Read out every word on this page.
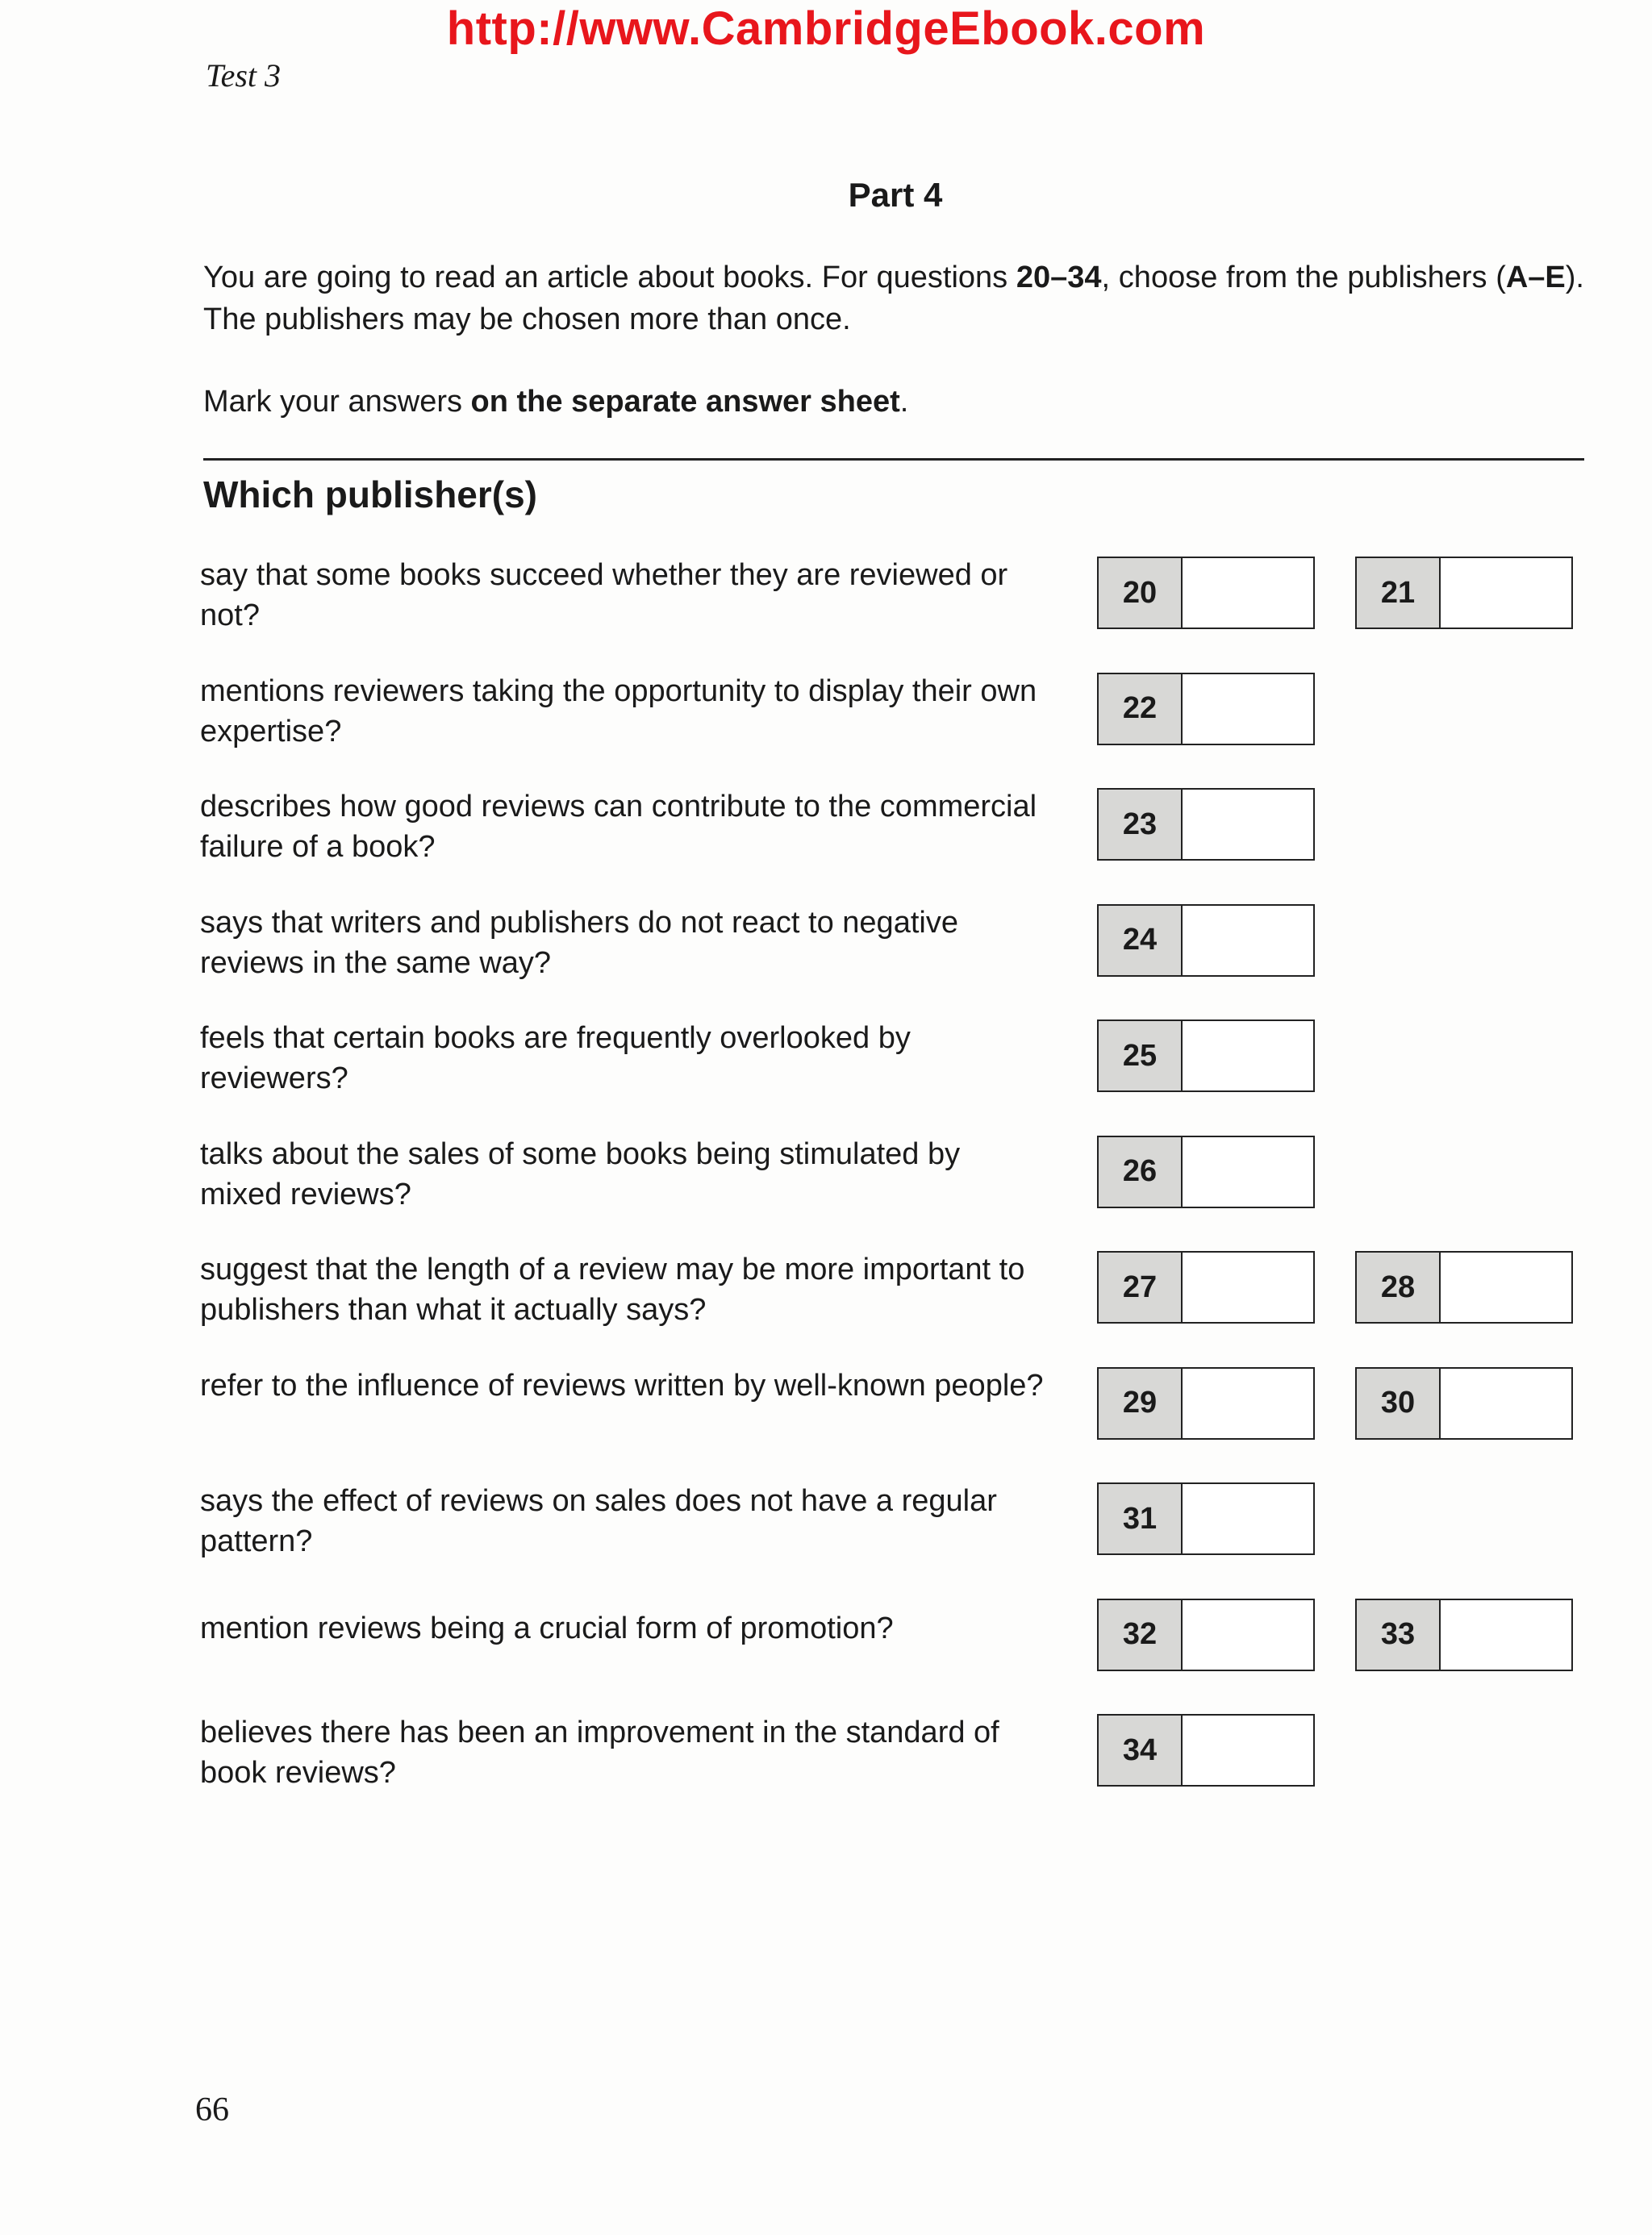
http://www.CambridgeEbook.com
Test 3
Part 4

You are going to read an article about books. For questions 20–34, choose from the publishers (A–E). The publishers may be chosen more than once.

Mark your answers on the separate answer sheet.

Which publisher(s)
say that some books succeed whether they are reviewed or not?
20	21
mentions reviewers taking the opportunity to display their own expertise?
22
describes how good reviews can contribute to the commercial failure of a book?
23
says that writers and publishers do not react to negative reviews in the same way?
24
feels that certain books are frequently overlooked by reviewers?
25
talks about the sales of some books being stimulated by mixed reviews?
26
suggest that the length of a review may be more important to publishers than what it actually says?
27	28
refer to the influence of reviews written by well-known people?
29	30
says the effect of reviews on sales does not have a regular pattern?
31
mention reviews being a crucial form of promotion?	32	33
believes there has been an improvement in the standard of book reviews?
34
66
